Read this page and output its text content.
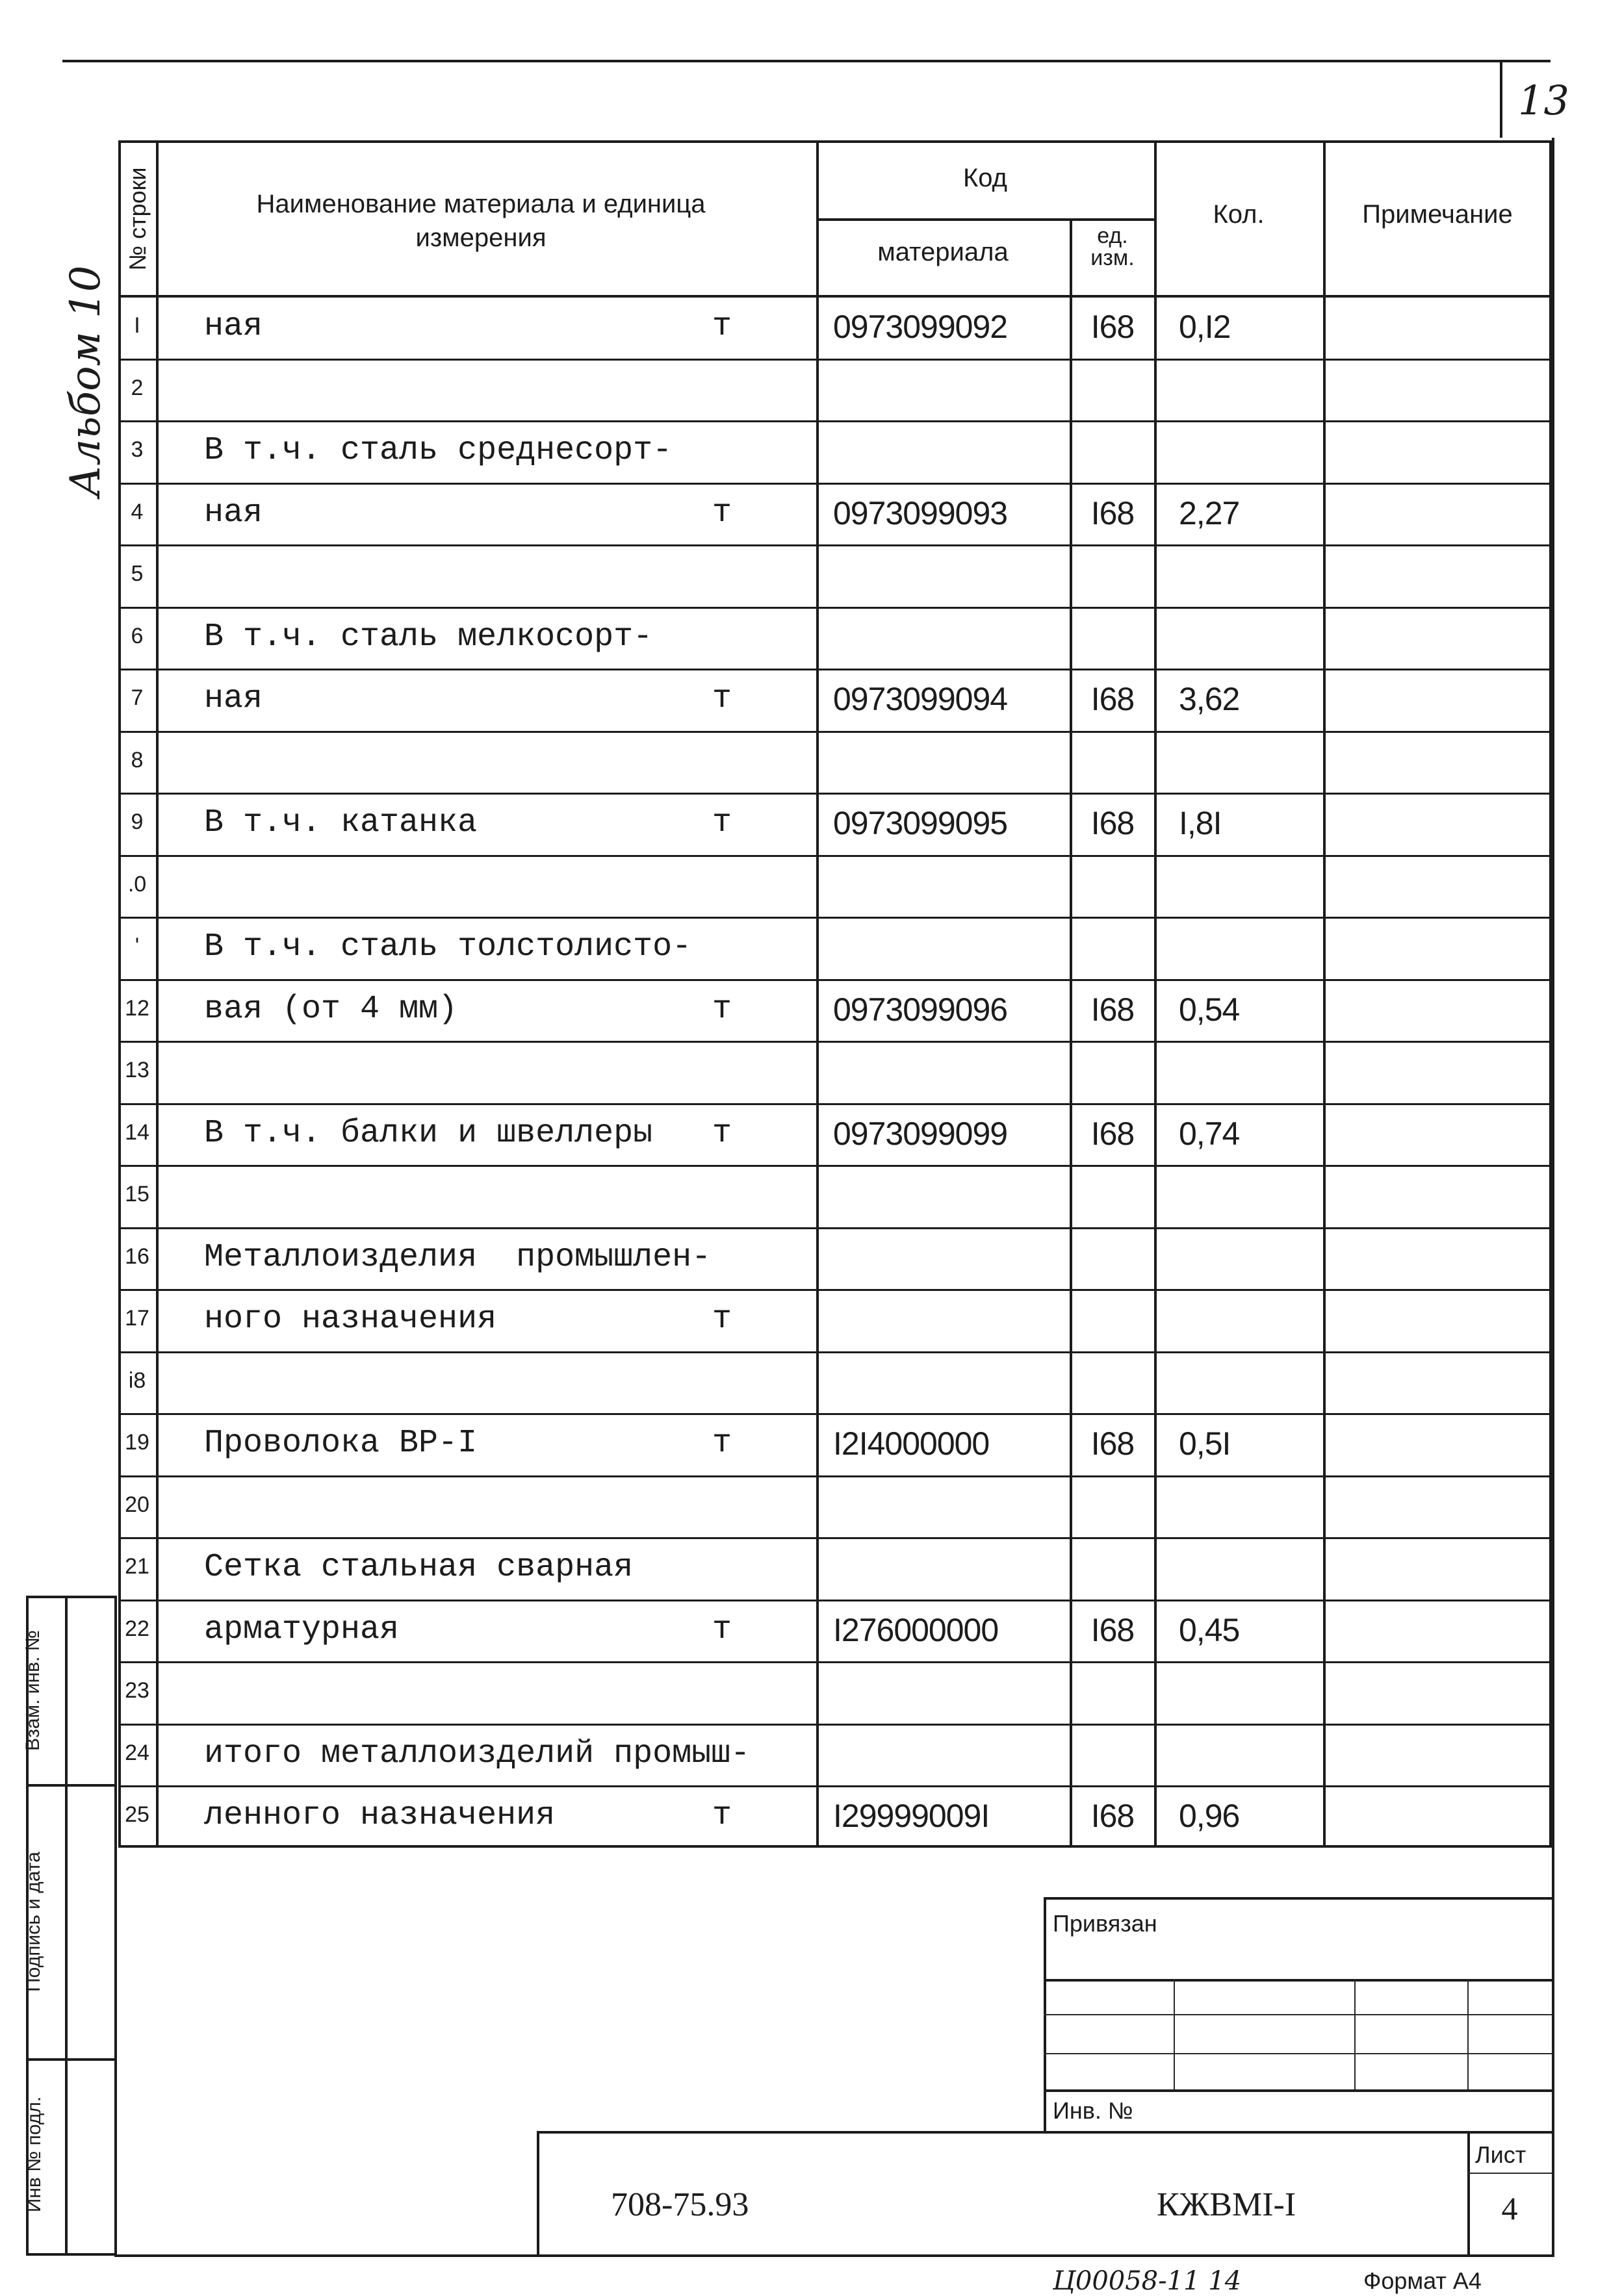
13
Альбом 10
№ строки	Наименование материала и единица измерения
Код
материала
ед. изм.
Кол.	Примечание
I	ная	т	0973099092	I68	0,I2
2
3	В т.ч. сталь среднесорт-
4	ная	т	0973099093	I68	2,27
5
6	В т.ч. сталь мелкосорт-
7	ная	т	0973099094	I68	3,62
8
9	В т.ч. катанка	т	0973099095	I68	I,8I
.0
'	В т.ч. сталь толстолисто-
12 вая (от 4 мм)	т	0973099096	I68	0,54
13
14 В т.ч. балки и швеллеры т	0973099099	I68	0,74
15
16 Металлоизделия  промышлен-
17 ного назначения	т
i8
19 Проволока ВР-I	т	I2I4000000	I68	0,5I
20
21 Сетка стальная сварная
22 арматурная	т	I276000000	I68	0,45
23
24 итого металлоизделий промыш-
25 ленного назначения	т	I29999009I	I68	0,96
Взам. инв. №
Подпись и дата
Инв № подл.
Привязан
Инв. №
Лист
4
708-75.93	КЖВМI-I
Ц00058-11 14	Формат А4
